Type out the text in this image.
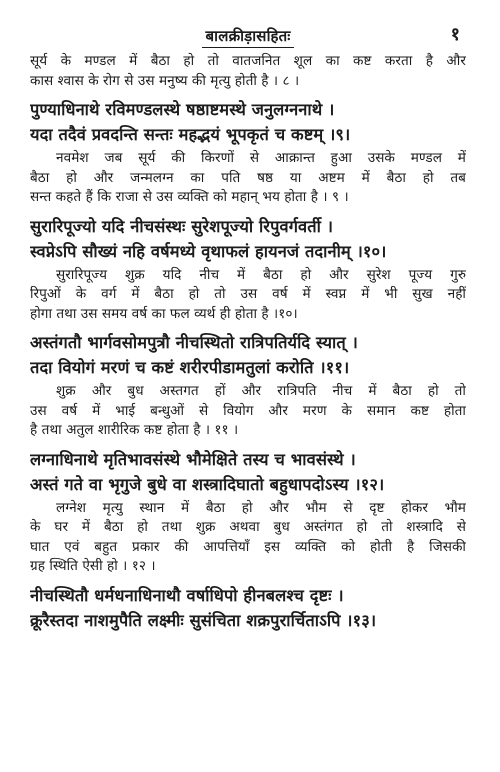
बालक्रीड़ासहितः	१
सूर्य के मण्डल में बैठा हो तो वातजनित शूल का कष्ट करता है और
कास श्वास के रोग से उस मनुष्य की मृत्यु होती है । ८ ।
पुण्याधिनाथे रविमण्डलस्थे षष्ठाष्टमस्थे जनुलग्ननाथे ।
यदा तदैवं प्रवदन्ति सन्तः महद्भयं भूपकृतं च कष्टम् ।९।
नवमेश जब सूर्य की किरणों से आक्रान्त हुआ उसके मण्डल में
बैठा हो और जन्मलग्न का पति षष्ठ या अष्टम में बैठा हो तब
सन्त कहते हैं कि राजा से उस व्यक्ति को महान् भय होता है । ९ ।
सुरारिपूज्यो यदि नीचसंस्थः सुरेशपूज्यो रिपुवर्गवर्ती ।
स्वप्नेऽपि सौख्यं नहि वर्षमध्ये वृथाफलं हायनजं तदानीम् ।१०।
सुरारिपूज्य शुक्र यदि नीच में बैठा हो और सुरेश पूज्य गुरु
रिपुओं के वर्ग में बैठा हो तो उस वर्ष में स्वप्न में भी सुख नहीं
होगा तथा उस समय वर्ष का फल व्यर्थ ही होता है ।१०।
अस्तंगतौ भार्गवसोमपुत्रौ नीचस्थितो रात्रिपतिर्यदि स्यात् ।
तदा वियोगं मरणं च कष्टं शरीरपीडामतुलां करोति ।११।
शुक्र और बुध अस्तगत हों और रात्रिपति नीच में बैठा हो तो
उस वर्ष में भाई बन्धुओं से वियोग और मरण के समान कष्ट होता
है तथा अतुल शारीरिक कष्ट होता है । ११ ।
लग्नाधिनाथे मृतिभावसंस्थे भौमेक्षिते तस्य च भावसंस्थे ।
अस्तं गते वा भृगुजे बुधे वा शस्त्रादिघातो बहुधापदोऽस्य ।१२।
लग्नेश मृत्यु स्थान में बैठा हो और भौम से दृष्ट होकर भौम
के घर में बैठा हो तथा शुक्र अथवा बुध अस्तंगत हो तो शस्त्रादि से
घात एवं बहुत प्रकार की आपत्तियाँ इस व्यक्ति को होती है जिसकी
ग्रह स्थिति ऐसी हो । १२ ।
नीचस्थितौ धर्मधनाधिनाथौ वर्षाधिपो हीनबलश्च दृष्टः ।
क्रूरैस्तदा नाशमुपैति लक्ष्मीः सुसंचिता शक्रपुरार्चिताऽपि ।१३।
